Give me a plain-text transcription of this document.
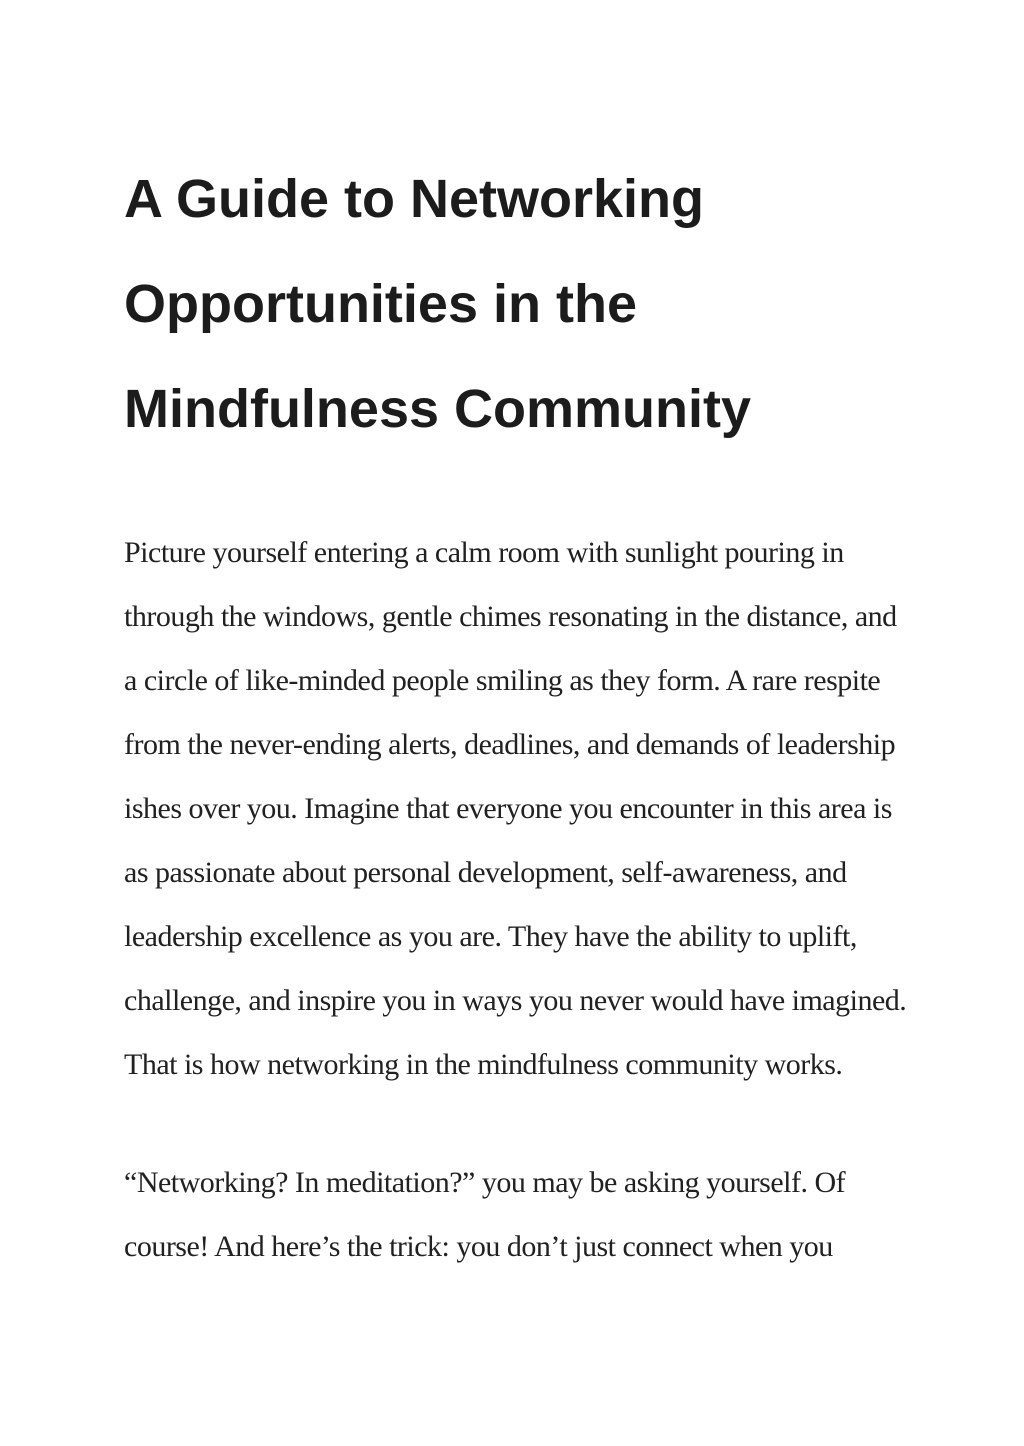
A Guide to Networking
Opportunities in the
Mindfulness Community
Picture yourself entering a calm room with sunlight pouring in
through the windows, gentle chimes resonating in the distance, and
a circle of like-minded people smiling as they form. A rare respite
from the never-ending alerts, deadlines, and demands of leadership
ishes over you. Imagine that everyone you encounter in this area is
as passionate about personal development, self-awareness, and
leadership excellence as you are. They have the ability to uplift,
challenge, and inspire you in ways you never would have imagined.
That is how networking in the mindfulness community works.
“Networking? In meditation?” you may be asking yourself. Of
course! And here’s the trick: you don’t just connect when you
